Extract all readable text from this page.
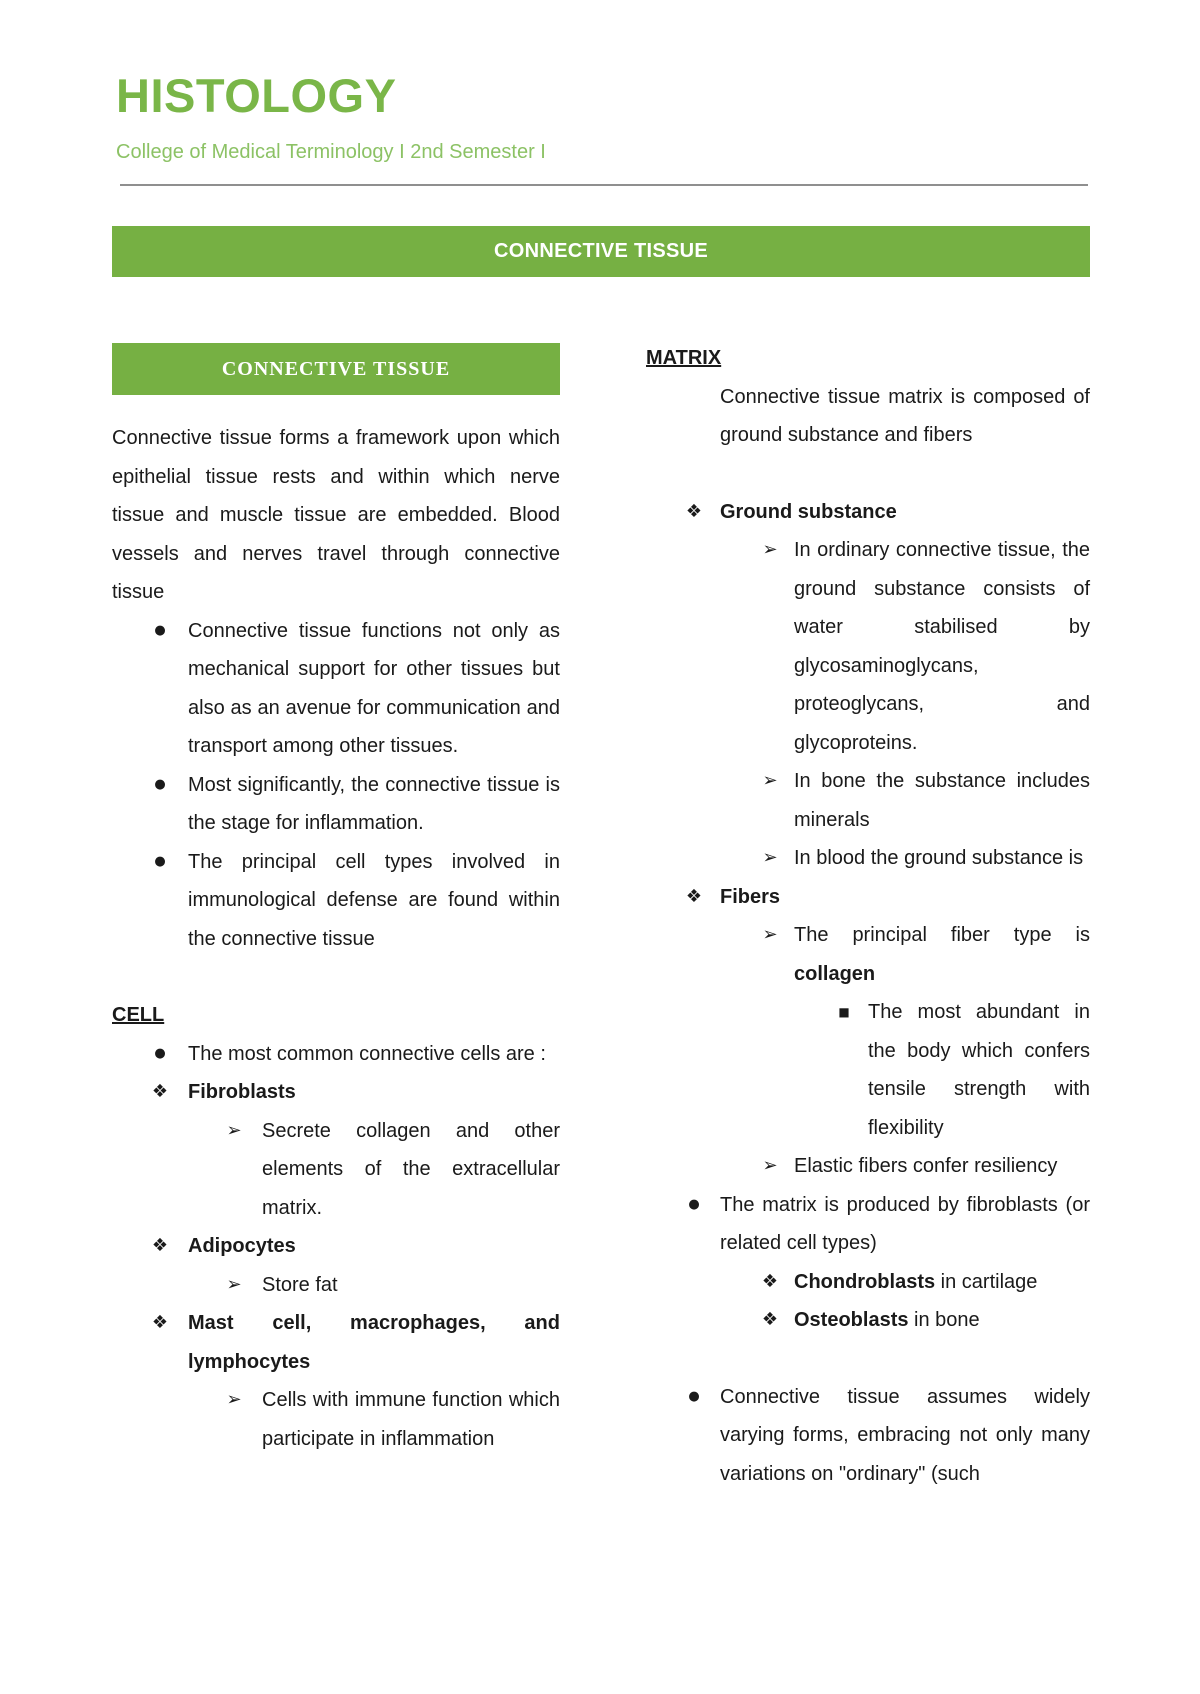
HISTOLOGY
College of Medical Terminology I 2nd Semester I
CONNECTIVE TISSUE
CONNECTIVE TISSUE

Connective tissue forms a framework upon which epithelial tissue rests and within which nerve tissue and muscle tissue are embedded. Blood vessels and nerves travel through connective tissue

●	Connective tissue functions not only as mechanical support for other tissues but also as an avenue for communication and transport among other tissues.
●	Most significantly, the connective tissue is the stage for inflammation.
●	The principal cell types involved in immunological defense are found within the connective tissue

CELL

●	The most common connective cells are :
❖ Fibroblasts
➢ Secrete collagen and other elements of the extracellular matrix.
❖ Adipocytes
➢ Store fat
❖ Mast cell, macrophages, and lymphocytes
➢ Cells with immune function which participate in inflammation

MATRIX

Connective tissue matrix is composed of ground substance and fibers

❖ Ground substance
➢ In ordinary connective tissue, the ground substance consists of water stabilised by glycosaminoglycans, proteoglycans, and glycoproteins.
➢ In bone the substance includes minerals
➢ In blood the ground substance is
❖ Fibers
➢ The principal fiber type is collagen
■ The most abundant in the body which confers tensile strength with flexibility
➢ Elastic fibers confer resiliency
●	The matrix is produced by fibroblasts (or related cell types)
❖ Chondroblasts in cartilage
❖ Osteoblasts in bone
●	Connective tissue assumes widely varying forms, embracing not only many variations on "ordinary" (such
